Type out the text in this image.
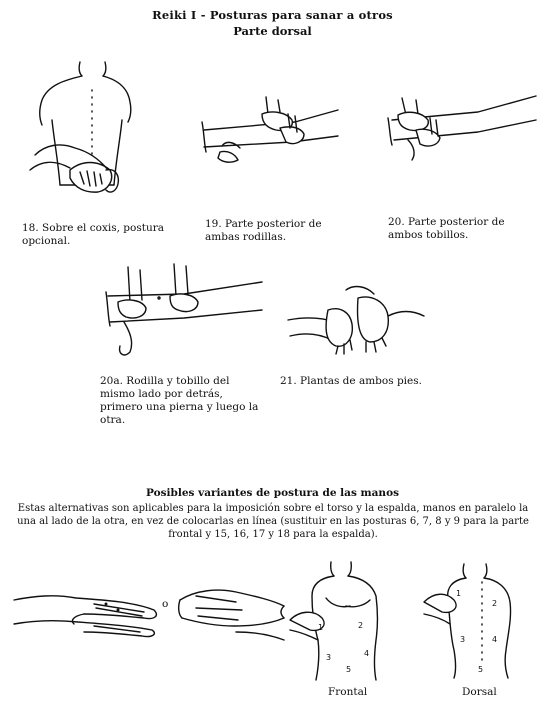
Reiki I - Posturas para sanar a otros
Parte dorsal
18. Sobre el coxis, postura opcional.
19. Parte posterior de ambas rodillas.
20. Parte posterior de ambos tobillos.
20a. Rodilla y tobillo del mismo lado por detrás, primero una pierna y luego la otra.
21. Plantas de ambos pies.
Posibles variantes de postura de las manos
Estas alternativas son aplicables para la imposición sobre el torso y la espalda, manos en paralelo la una al lado de la otra, en vez de colocarlas en línea (sustituir en las posturas 6, 7, 8 y 9 para la parte frontal y 15, 16, 17 y 18 para la espalda).
o
1	2
3	4
5
Frontal
1
2
3	4
5
Dorsal
